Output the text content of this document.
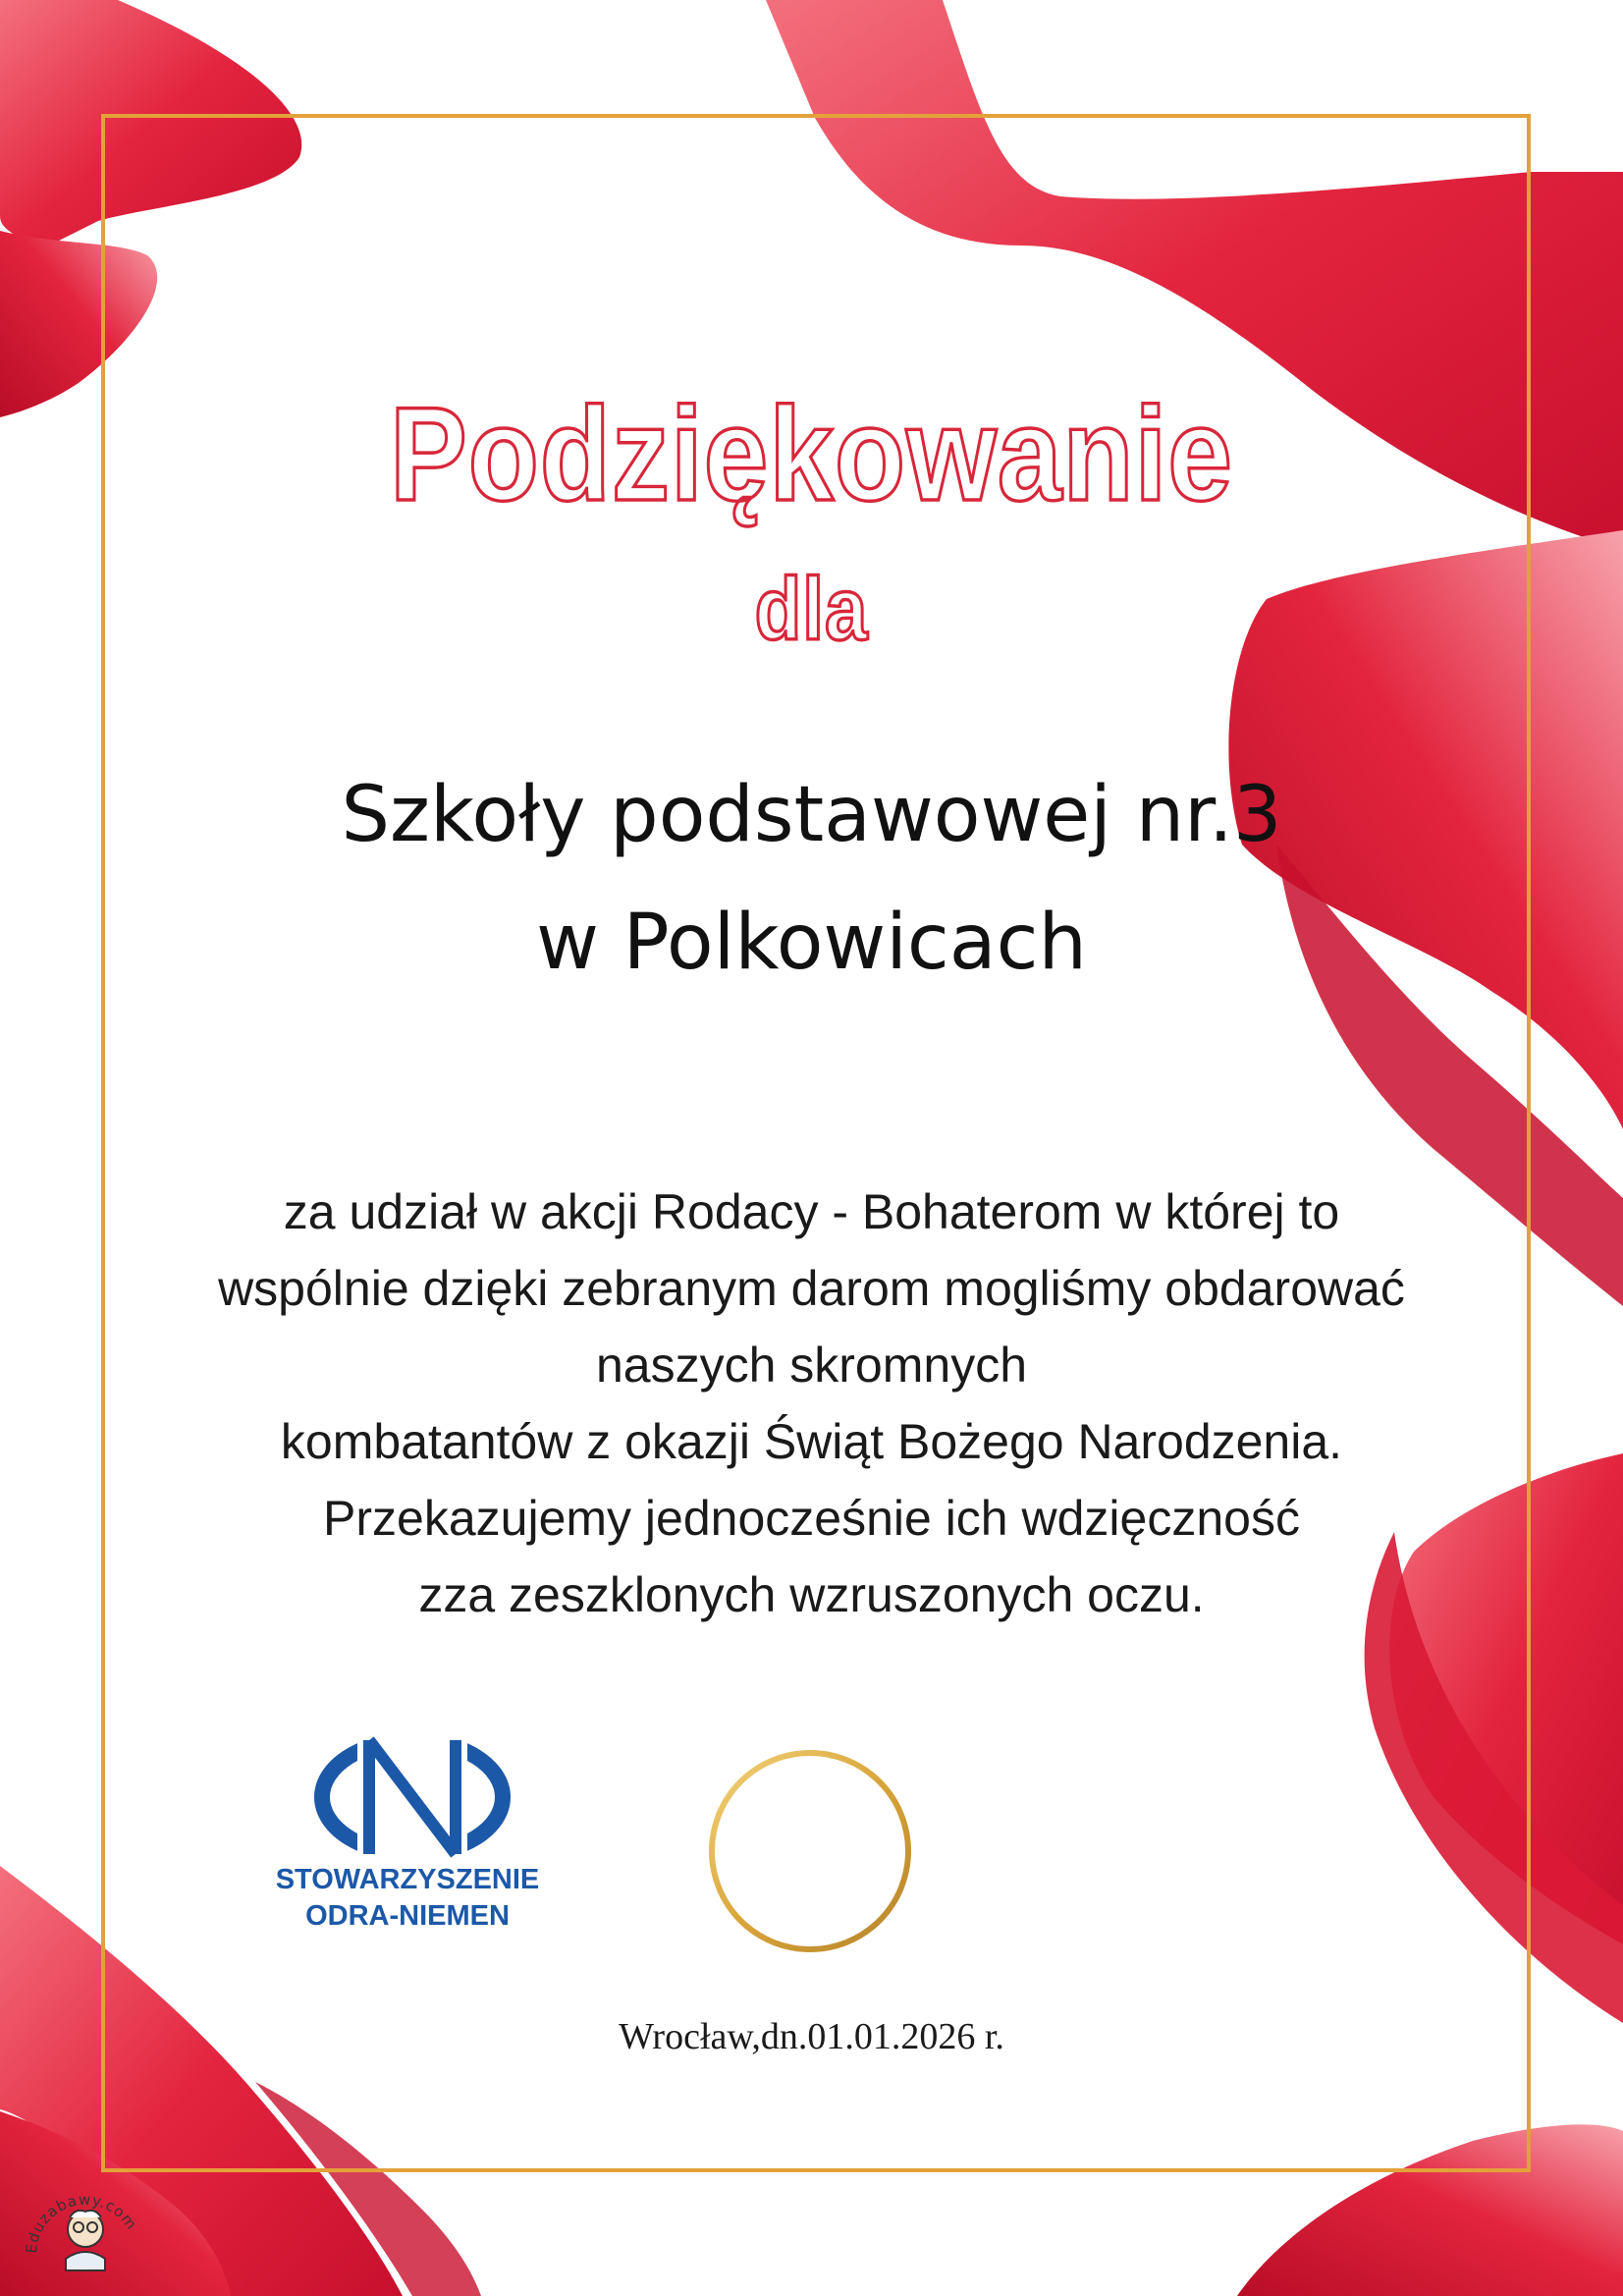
Podziękowanie
dla
Szkoły podstawowej nr.3
w Polkowicach
za udział w akcji Rodacy - Bohaterom w której to
wspólnie dzięki zebranym darom mogliśmy obdarować
naszych skromnych
kombatantów z okazji Świąt Bożego Narodzenia.
Przekazujemy jednocześnie ich wdzięczność
zza zeszklonych wzruszonych oczu.
STOWARZYSZENIE
ODRA-NIEMEN
Wrocław,dn.01.01.2026 r.
Eduzabawy.com
